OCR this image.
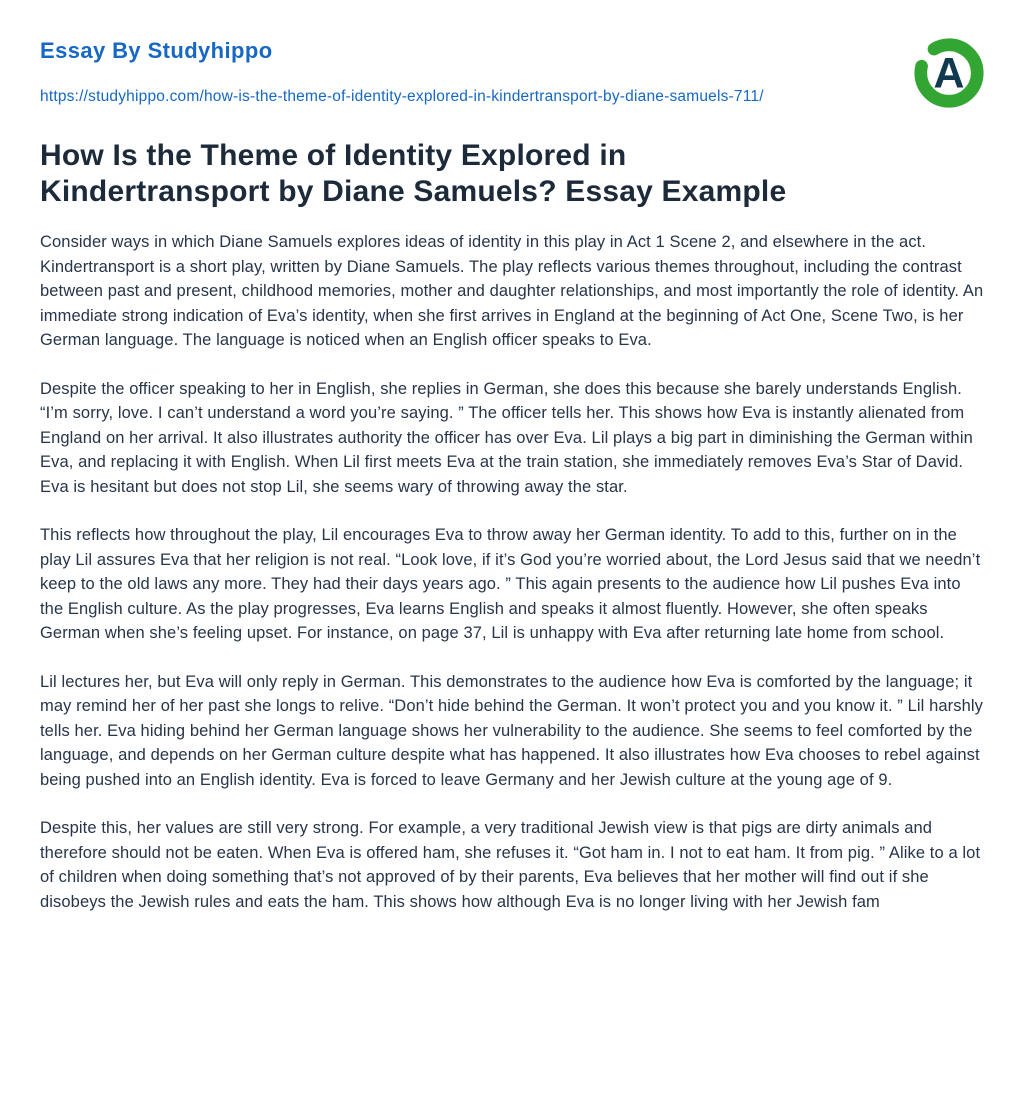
Essay By Studyhippo
https://studyhippo.com/how-is-the-theme-of-identity-explored-in-kindertransport-by-diane-samuels-711/	A
How Is the Theme of Identity Explored in Kindertransport by Diane Samuels? Essay Example

Consider ways in which Diane Samuels explores ideas of identity in this play in Act 1 Scene 2, and elsewhere in the act. Kindertransport is a short play, written by Diane Samuels. The play reflects various themes throughout, including the contrast between past and present, childhood memories, mother and daughter relationships, and most importantly the role of identity. An immediate strong indication of Eva’s identity, when she first arrives in England at the beginning of Act One, Scene Two, is her German language. The language is noticed when an English officer speaks to Eva.

Despite the officer speaking to her in English, she replies in German, she does this because she barely understands English. “I’m sorry, love. I can’t understand a word you’re saying. ” The officer tells her. This shows how Eva is instantly alienated from England on her arrival. It also illustrates authority the officer has over Eva. Lil plays a big part in diminishing the German within Eva, and replacing it with English. When Lil first meets Eva at the train station, she immediately removes Eva’s Star of David. Eva is hesitant but does not stop Lil, she seems wary of throwing away the star.

This reflects how throughout the play, Lil encourages Eva to throw away her German identity. To add to this, further on in the play Lil assures Eva that her religion is not real. “Look love, if it’s God you’re worried about, the Lord Jesus said that we needn’t keep to the old laws any more. They had their days years ago. ” This again presents to the audience how Lil pushes Eva into the English culture. As the play progresses, Eva learns English and speaks it almost fluently. However, she often speaks German when she’s feeling upset. For instance, on page 37, Lil is unhappy with Eva after returning late home from school.

Lil lectures her, but Eva will only reply in German. This demonstrates to the audience how Eva is comforted by the language; it may remind her of her past she longs to relive. “Don’t hide behind the German. It won’t protect you and you know it. ” Lil harshly tells her. Eva hiding behind her German language shows her vulnerability to the audience. She seems to feel comforted by the language, and depends on her German culture despite what has happened. It also illustrates how Eva chooses to rebel against being pushed into an English identity. Eva is forced to leave Germany and her Jewish culture at the young age of 9.

Despite this, her values are still very strong. For example, a very traditional Jewish view is that pigs are dirty animals and therefore should not be eaten. When Eva is offered ham, she refuses it. “Got ham in. I not to eat ham. It from pig. ” Alike to a lot of children when doing something that’s not approved of by their parents, Eva believes that her mother will find out if she disobeys the Jewish rules and eats the ham. This shows how although Eva is no longer living with her Jewish fam
